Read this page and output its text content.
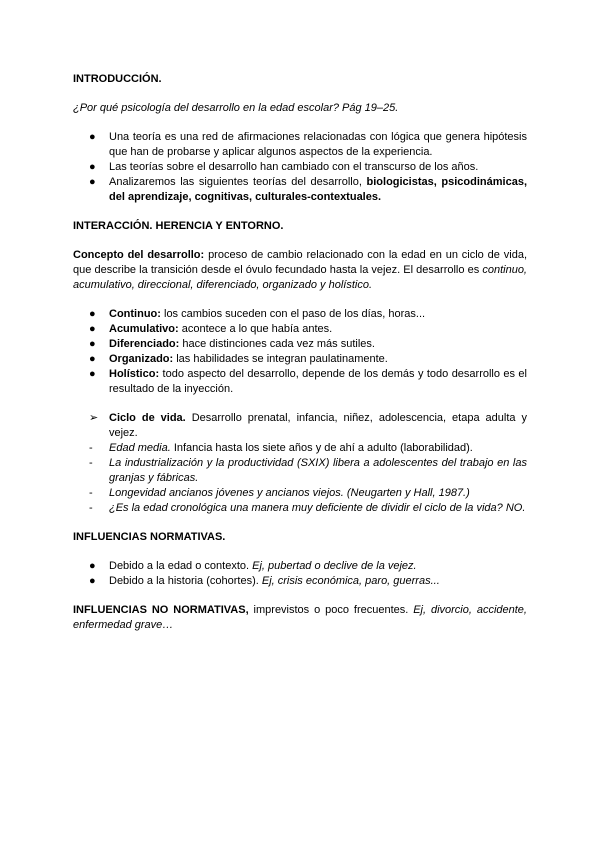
INTRODUCCIÓN.
¿Por qué psicología del desarrollo en la edad escolar? Pág 19–25.
● Una teoría es una red de afirmaciones relacionadas con lógica que genera hipótesis que han de probarse y aplicar algunos aspectos de la experiencia.
● Las teorías sobre el desarrollo han cambiado con el transcurso de los años.
● Analizaremos las siguientes teorías del desarrollo, biologicistas, psicodinámicas, del aprendizaje, cognitivas, culturales-contextuales.
INTERACCIÓN. HERENCIA Y ENTORNO.

Concepto del desarrollo: proceso de cambio relacionado con la edad en un ciclo de vida, que describe la transición desde el óvulo fecundado hasta la vejez. El desarrollo es continuo, acumulativo, direccional, diferenciado, organizado y holístico.

● Continuo: los cambios suceden con el paso de los días, horas...
● Acumulativo: acontece a lo que había antes.
● Diferenciado: hace distinciones cada vez más sutiles.
● Organizado: las habilidades se integran paulatinamente.
● Holístico: todo aspecto del desarrollo, depende de los demás y todo desarrollo es el resultado de la inyección.
➢ Ciclo de vida. Desarrollo prenatal, infancia, niñez, adolescencia, etapa adulta y vejez.
- Edad media. Infancia hasta los siete años y de ahí a adulto (laborabilidad).
- La industrialización y la productividad (SXIX) libera a adolescentes del trabajo en las granjas y fábricas.
- Longevidad ancianos jóvenes y ancianos viejos. (Neugarten y Hall, 1987.)
- ¿Es la edad cronológica una manera muy deficiente de dividir el ciclo de la vida? NO.
INFLUENCIAS NORMATIVAS.
● Debido a la edad o contexto. Ej, pubertad o declive de la vejez.
● Debido a la historia (cohortes). Ej, crisis económica, paro, guerras...

INFLUENCIAS NO NORMATIVAS, imprevistos o poco frecuentes. Ej, divorcio, accidente, enfermedad grave…
